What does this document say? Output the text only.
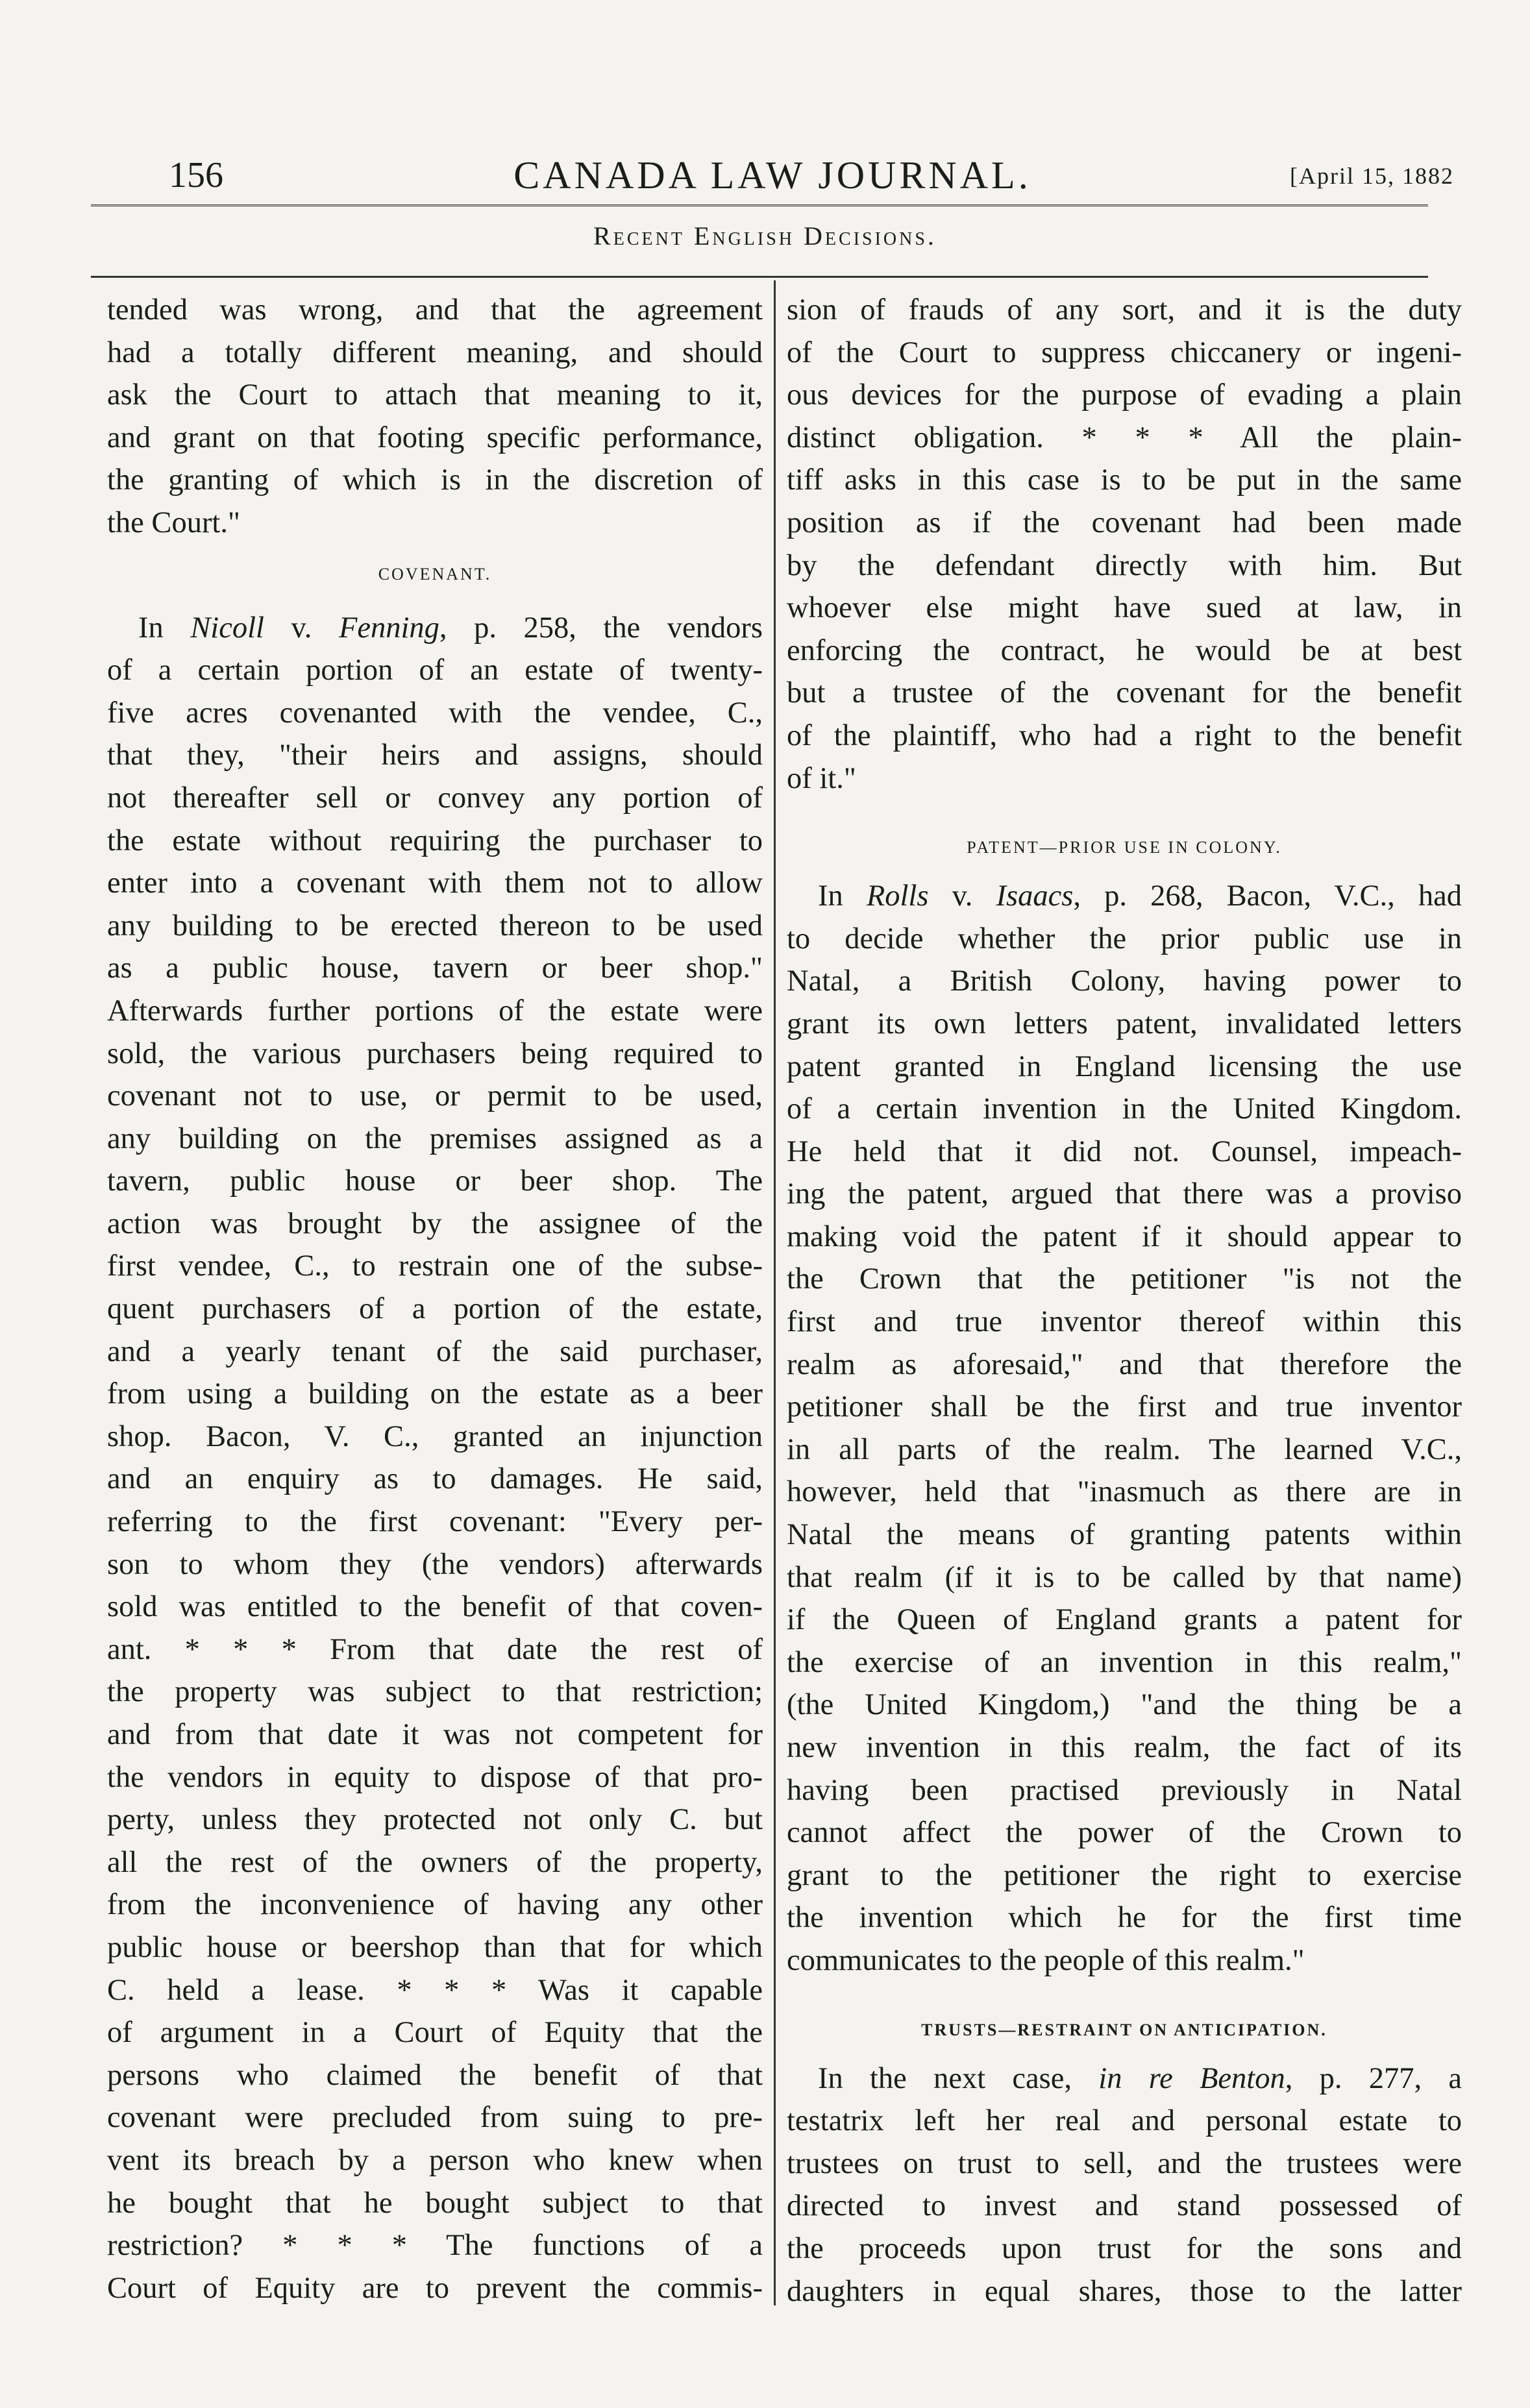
156	CANADA LAW JOURNAL.	[April 15, 1882
Recent English Decisions.

tended was wrong, and that the agreement

had a totally different meaning, and should

ask the Court to attach that meaning to it,

and grant on that footing specific performance,

the granting of which is in the discretion of

the Court."

COVENANT.

In Nicoll v. Fenning, p. 258, the vendors

of a certain portion of an estate of twenty-

five acres covenanted with the vendee, C.,

that they, "their heirs and assigns, should

not thereafter sell or convey any portion of

the estate without requiring the purchaser to

enter into a covenant with them not to allow

any building to be erected thereon to be used

as a public house, tavern or beer shop."

Afterwards further portions of the estate were

sold, the various purchasers being required to

covenant not to use, or permit to be used,

any building on the premises assigned as a

tavern, public house or beer shop. The

action was brought by the assignee of the

first vendee, C., to restrain one of the subse-

quent purchasers of a portion of the estate,

and a yearly tenant of the said purchaser,

from using a building on the estate as a beer

shop. Bacon, V. C., granted an injunction

and an enquiry as to damages. He said,

referring to the first covenant: "Every per-

son to whom they (the vendors) afterwards

sold was entitled to the benefit of that coven-

ant. * * * From that date the rest of

the property was subject to that restriction;

and from that date it was not competent for

the vendors in equity to dispose of that pro-

perty, unless they protected not only C. but

all the rest of the owners of the property,

from the inconvenience of having any other

public house or beershop than that for which

C. held a lease. * * * Was it capable

of argument in a Court of Equity that the

persons who claimed the benefit of that

covenant were precluded from suing to pre-

vent its breach by a person who knew when

he bought that he bought subject to that

restriction? * * * The functions of a

Court of Equity are to prevent the commis-

sion of frauds of any sort, and it is the duty

of the Court to suppress chiccanery or ingeni-

ous devices for the purpose of evading a plain

distinct obligation. * * * All the plain-

tiff asks in this case is to be put in the same

position as if the covenant had been made

by the defendant directly with him. But

whoever else might have sued at law, in

enforcing the contract, he would be at best

but a trustee of the covenant for the benefit

of the plaintiff, who had a right to the benefit

of it."

PATENT—PRIOR USE IN COLONY.

In Rolls v. Isaacs, p. 268, Bacon, V.C., had

to decide whether the prior public use in

Natal, a British Colony, having power to

grant its own letters patent, invalidated letters

patent granted in England licensing the use

of a certain invention in the United Kingdom.

He held that it did not. Counsel, impeach-

ing the patent, argued that there was a proviso

making void the patent if it should appear to

the Crown that the petitioner "is not the

first and true inventor thereof within this

realm as aforesaid," and that therefore the

petitioner shall be the first and true inventor

in all parts of the realm. The learned V.C.,

however, held that "inasmuch as there are in

Natal the means of granting patents within

that realm (if it is to be called by that name)

if the Queen of England grants a patent for

the exercise of an invention in this realm,"

(the United Kingdom,) "and the thing be a

new invention in this realm, the fact of its

having been practised previously in Natal

cannot affect the power of the Crown to

grant to the petitioner the right to exercise

the invention which he for the first time

communicates to the people of this realm."

TRUSTS—RESTRAINT ON ANTICIPATION.

In the next case, in re Benton, p. 277, a

testatrix left her real and personal estate to

trustees on trust to sell, and the trustees were

directed to invest and stand possessed of

the proceeds upon trust for the sons and

daughters in equal shares, those to the latter
